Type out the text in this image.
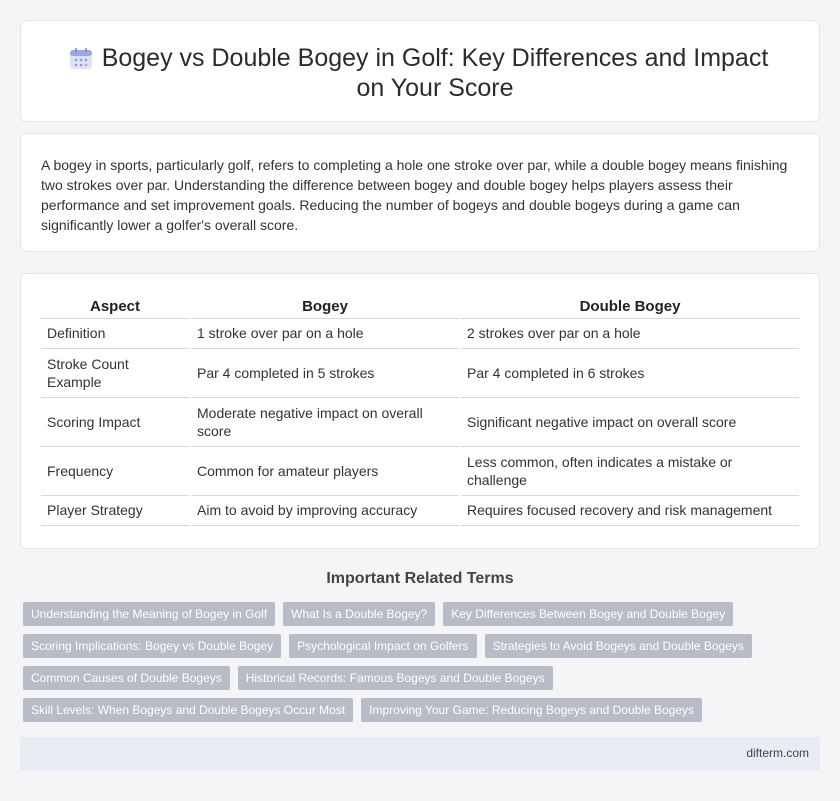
Bogey vs Double Bogey in Golf: Key Differences and Impact on Your Score

A bogey in sports, particularly golf, refers to completing a hole one stroke over par, while a double bogey means finishing two strokes over par. Understanding the difference between bogey and double bogey helps players assess their performance and set improvement goals. Reducing the number of bogeys and double bogeys during a game can significantly lower a golfer's overall score.

Aspect	Bogey	Double Bogey
Definition	1 stroke over par on a hole	2 strokes over par on a hole
Stroke Count Example	Par 4 completed in 5 strokes	Par 4 completed in 6 strokes
Scoring Impact	Moderate negative impact on overall score	Significant negative impact on overall score
Frequency	Common for amateur players	Less common, often indicates a mistake or challenge
Player Strategy	Aim to avoid by improving accuracy	Requires focused recovery and risk management
Important Related Terms
Understanding the Meaning of Bogey in Golf	What Is a Double Bogey?	Key Differences Between Bogey and Double Bogey
Scoring Implications: Bogey vs Double Bogey	Psychological Impact on Golfers	Strategies to Avoid Bogeys and Double Bogeys
Common Causes of Double Bogeys	Historical Records: Famous Bogeys and Double Bogeys
Skill Levels: When Bogeys and Double Bogeys Occur Most	Improving Your Game: Reducing Bogeys and Double Bogeys
difterm.com
